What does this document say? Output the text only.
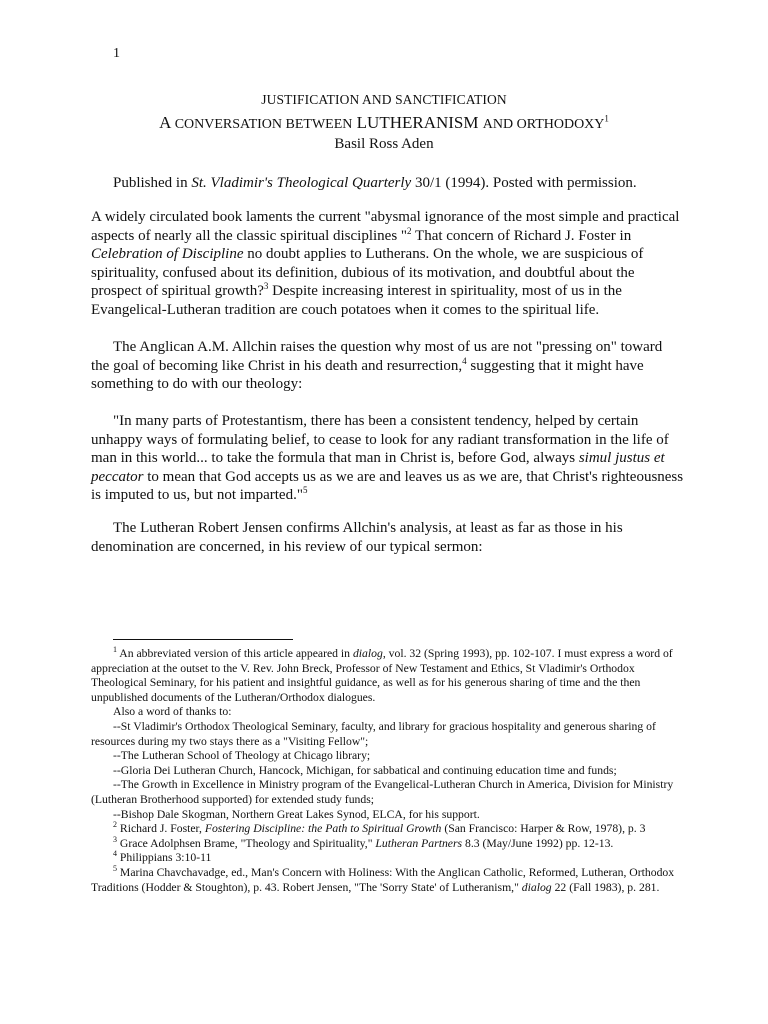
1
JUSTIFICATION AND SANCTIFICATION
A CONVERSATION BETWEEN LUTHERANISM AND ORTHODOXY$^1$
Basil Ross Aden
Published in St. Vladimir's Theological Quarterly 30/1 (1994). Posted with permission.
A widely circulated book laments the current "abysmal ignorance of the most simple and practical aspects of nearly all the classic spiritual disciplines "$^2$ That concern of Richard J. Foster in Celebration of Discipline no doubt applies to Lutherans. On the whole, we are suspicious of spirituality, confused about its definition, dubious of its motivation, and doubtful about the prospect of spiritual growth?$^3$ Despite increasing interest in spirituality, most of us in the Evangelical-Lutheran tradition are couch potatoes when it comes to the spiritual life.
The Anglican A.M. Allchin raises the question why most of us are not "pressing on" toward the goal of becoming like Christ in his death and resurrection,$^4$ suggesting that it might have something to do with our theology:
"In many parts of Protestantism, there has been a consistent tendency, helped by certain unhappy ways of formulating belief, to cease to look for any radiant transformation in the life of man in this world... to take the formula that man in Christ is, before God, always simul justus et peccator to mean that God accepts us as we are and leaves us as we are, that Christ's righteousness is imputed to us, but not imparted."$^5$
The Lutheran Robert Jensen confirms Allchin's analysis, at least as far as those in his denomination are concerned, in his review of our typical sermon:

$^1$ An abbreviated version of this article appeared in dialog, vol. 32 (Spring 1993), pp. 102-107. I must express a word of appreciation at the outset to the V. Rev. John Breck, Professor of New Testament and Ethics, St Vladimir's Orthodox Theological Seminary, for his patient and insightful guidance, as well as for his generous sharing of time and the then unpublished documents of the Lutheran/Orthodox dialogues.

Also a word of thanks to:

--St Vladimir's Orthodox Theological Seminary, faculty, and library for gracious hospitality and generous sharing of resources during my two stays there as a "Visiting Fellow";

--The Lutheran School of Theology at Chicago library;

--Gloria Dei Lutheran Church, Hancock, Michigan, for sabbatical and continuing education time and funds;

--The Growth in Excellence in Ministry program of the Evangelical-Lutheran Church in America, Division for Ministry (Lutheran Brotherhood supported) for extended study funds;

--Bishop Dale Skogman, Northern Great Lakes Synod, ELCA, for his support.

$^2$ Richard J. Foster, Fostering Discipline: the Path to Spiritual Growth (San Francisco: Harper & Row, 1978), p. 3

$^3$ Grace Adolphsen Brame, "Theology and Spirituality," Lutheran Partners 8.3 (May/June 1992) pp. 12-13.

$^4$ Philippians 3:10-11

$^5$ Marina Chavchavadge, ed., Man's Concern with Holiness: With the Anglican Catholic, Reformed, Lutheran, Orthodox Traditions (Hodder & Stoughton), p. 43. Robert Jensen, "The 'Sorry State' of Lutheranism," dialog 22 (Fall 1983), p. 281.
